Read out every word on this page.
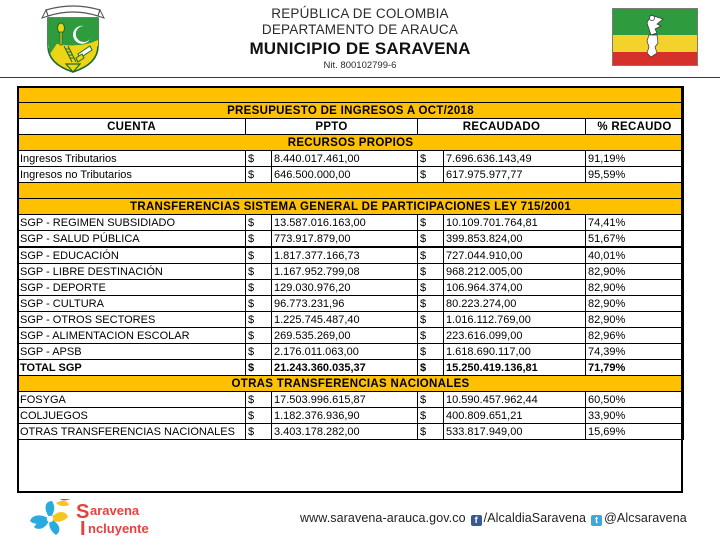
REPÚBLICA DE COLOMBIA
DEPARTAMENTO DE ARAUCA
MUNICIPIO DE SARAVENA
Nit. 800102799-6

PRESUPUESTO DE INGRESOS A OCT/2018					
CUENTA	PPTO		RECAUDADO		% RECAUDO
RECURSOS PROPIOS					
Ingresos Tributarios	$	8.440.017.461,00	$	7.696.636.143,49	91,19%
Ingresos no Tributarios	$	646.500.000,00	$	617.975.977,77	95,59%

TRANSFERENCIAS SISTEMA GENERAL DE PARTICIPACIONES LEY 715/2001					
SGP - REGIMEN SUBSIDIADO	$	13.587.016.163,00	$	10.109.701.764,81	74,41%
SGP - SALUD PÚBLICA	$	773.917.879,00	$	399.853.824,00	51,67%
SGP - EDUCACIÓN	$	1.817.377.166,73	$	727.044.910,00	40,01%
SGP - LIBRE DESTINACIÓN	$	1.167.952.799,08	$	968.212.005,00	82,90%
SGP - DEPORTE	$	129.030.976,20	$	106.964.374,00	82,90%
SGP - CULTURA	$	96.773.231,96	$	80.223.274,00	82,90%
SGP - OTROS SECTORES	$	1.225.745.487,40	$	1.016.112.769,00	82,90%
SGP - ALIMENTACION ESCOLAR	$	269.535.269,00	$	223.616.099,00	82,96%
SGP - APSB	$	2.176.011.063,00	$	1.618.690.117,00	74,39%
TOTAL SGP	$	21.243.360.035,37	$	15.250.419.136,81	71,79%
OTRAS TRANSFERENCIAS NACIONALES					
FOSYGA	$	17.503.996.615,87	$	10.590.457.962,44	60,50%
COLJUEGOS	$	1.182.376.936,90	$	400.809.651,21	33,90%
OTRAS TRANSFERENCIAS NACIONALES	$	3.403.178.282,00	$	533.817.949,00	15,69%
S aravena
I ncluyente
www.saravena-arauca.gov.co f /AlcaldiaSaravena t @Alcsaravena
